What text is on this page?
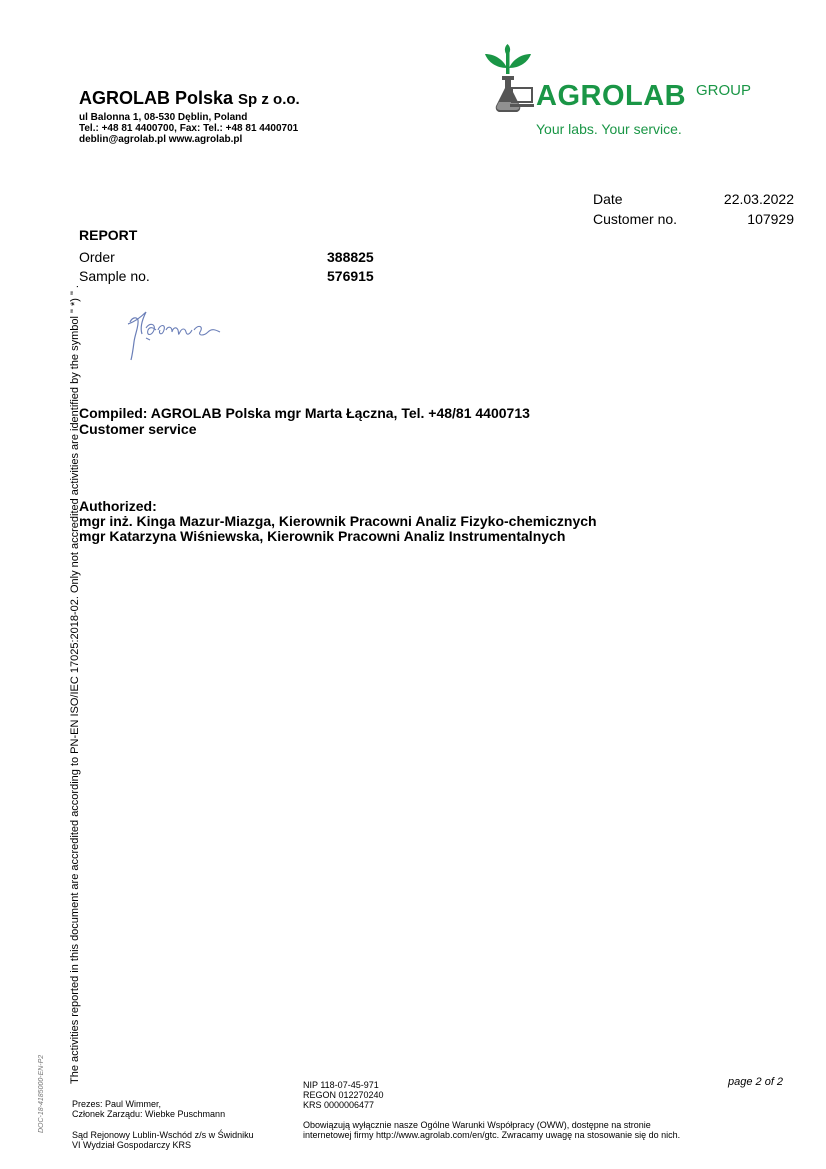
AGROLAB Polska Sp z o.o.
ul Balonna 1, 08-530 Dęblin, Poland
Tel.: +48 81 4400700, Fax: Tel.: +48 81 4400701
deblin@agrolab.pl www.agrolab.pl
AGROLAB GROUP
Your labs. Your service.
Date	22.03.2022
Customer no.	107929
REPORT
Order	388825
Sample no.	576915
Compiled: AGROLAB Polska mgr Marta Łączna, Tel. +48/81 4400713
Customer service
Authorized:
mgr inż. Kinga Mazur-Miazga, Kierownik Pracowni Analiz Fizyko-chemicznych
mgr Katarzyna Wiśniewska, Kierownik Pracowni Analiz Instrumentalnych
The activities reported in this document are accredited according to PN-EN ISO/IEC 17025:2018-02. Only not accredited activities are identified by the symbol " *) " .
DOC-18-4185000-EN-P2	Prezes: Paul Wimmer,
Członek Zarządu: Wiebke Puschmann
Sąd Rejonowy Lublin-Wschód z/s w Świdniku
VI Wydział Gospodarczy KRS
NIP 118-07-45-971
REGON 012270240
KRS 0000006477
Obowiązują wyłącznie nasze Ogólne Warunki Współpracy (OWW), dostępne na stronie
internetowej firmy http://www.agrolab.com/en/gtc. Zwracamy uwagę na stosowanie się do nich.
page 2 of 2
